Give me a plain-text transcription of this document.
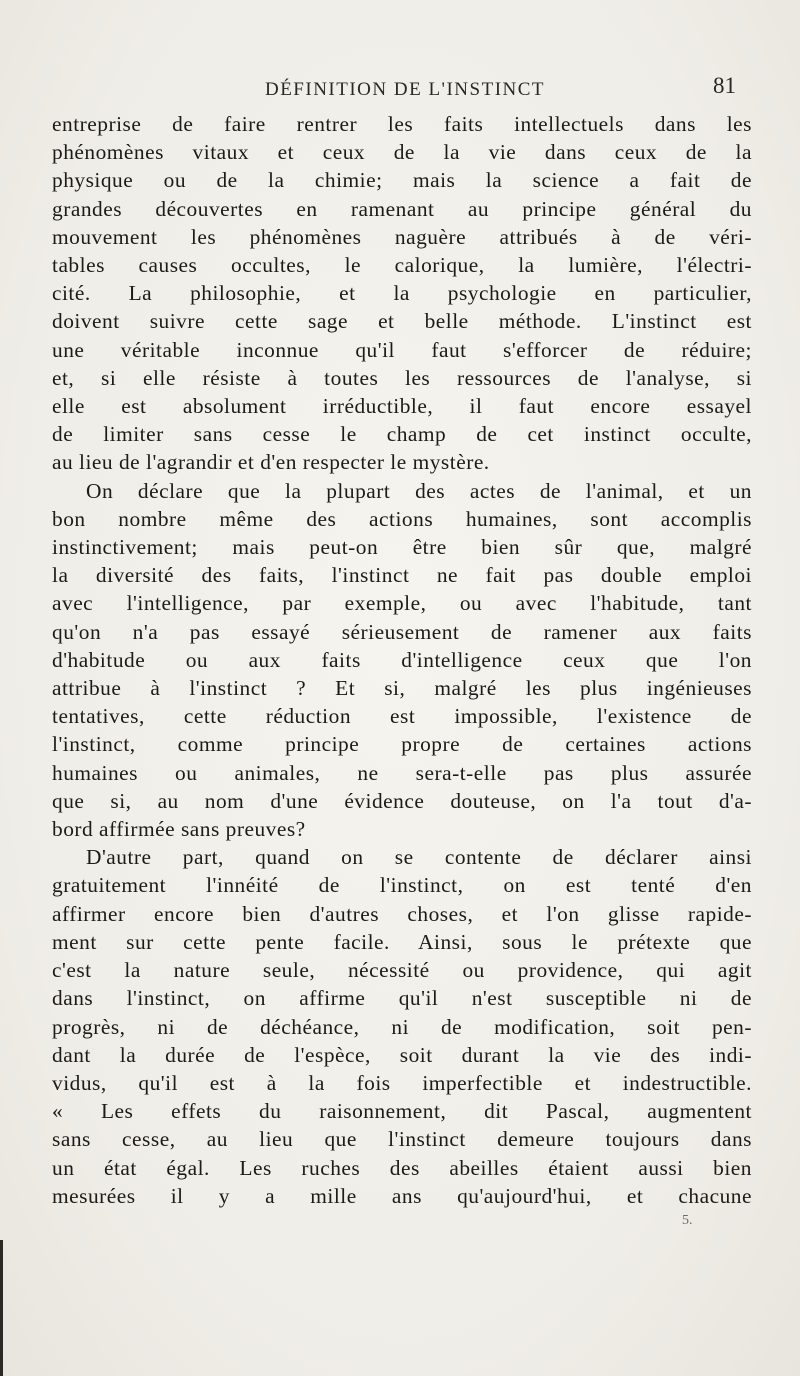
DÉFINITION DE L'INSTINCT	81
entreprise de faire rentrer les faits intellectuels dans les
phénomènes vitaux et ceux de la vie dans ceux de la
physique ou de la chimie; mais la science a fait de
grandes découvertes en ramenant au principe général du
mouvement les phénomènes naguère attribués à de véri-
tables causes occultes, le calorique, la lumière, l'électri-
cité. La philosophie, et la psychologie en particulier,
doivent suivre cette sage et belle méthode. L'instinct est
une véritable inconnue qu'il faut s'efforcer de réduire;
et, si elle résiste à toutes les ressources de l'analyse, si
elle est absolument irréductible, il faut encore essayel
de limiter sans cesse le champ de cet instinct occulte,
au lieu de l'agrandir et d'en respecter le mystère.
On déclare que la plupart des actes de l'animal, et un
bon nombre même des actions humaines, sont accomplis
instinctivement; mais peut-on être bien sûr que, malgré
la diversité des faits, l'instinct ne fait pas double emploi
avec l'intelligence, par exemple, ou avec l'habitude, tant
qu'on n'a pas essayé sérieusement de ramener aux faits
d'habitude ou aux faits d'intelligence ceux que l'on
attribue à l'instinct ? Et si, malgré les plus ingénieuses
tentatives, cette réduction est impossible, l'existence de
l'instinct, comme principe propre de certaines actions
humaines ou animales, ne sera-t-elle pas plus assurée
que si, au nom d'une évidence douteuse, on l'a tout d'a-
bord affirmée sans preuves?
D'autre part, quand on se contente de déclarer ainsi
gratuitement l'innéité de l'instinct, on est tenté d'en
affirmer encore bien d'autres choses, et l'on glisse rapide-
ment sur cette pente facile. Ainsi, sous le prétexte que
c'est la nature seule, nécessité ou providence, qui agit
dans l'instinct, on affirme qu'il n'est susceptible ni de
progrès, ni de déchéance, ni de modification, soit pen-
dant la durée de l'espèce, soit durant la vie des indi-
vidus, qu'il est à la fois imperfectible et indestructible.
« Les effets du raisonnement, dit Pascal, augmentent
sans cesse, au lieu que l'instinct demeure toujours dans
un état égal. Les ruches des abeilles étaient aussi bien
mesurées il y a mille ans qu'aujourd'hui, et chacune
5.
